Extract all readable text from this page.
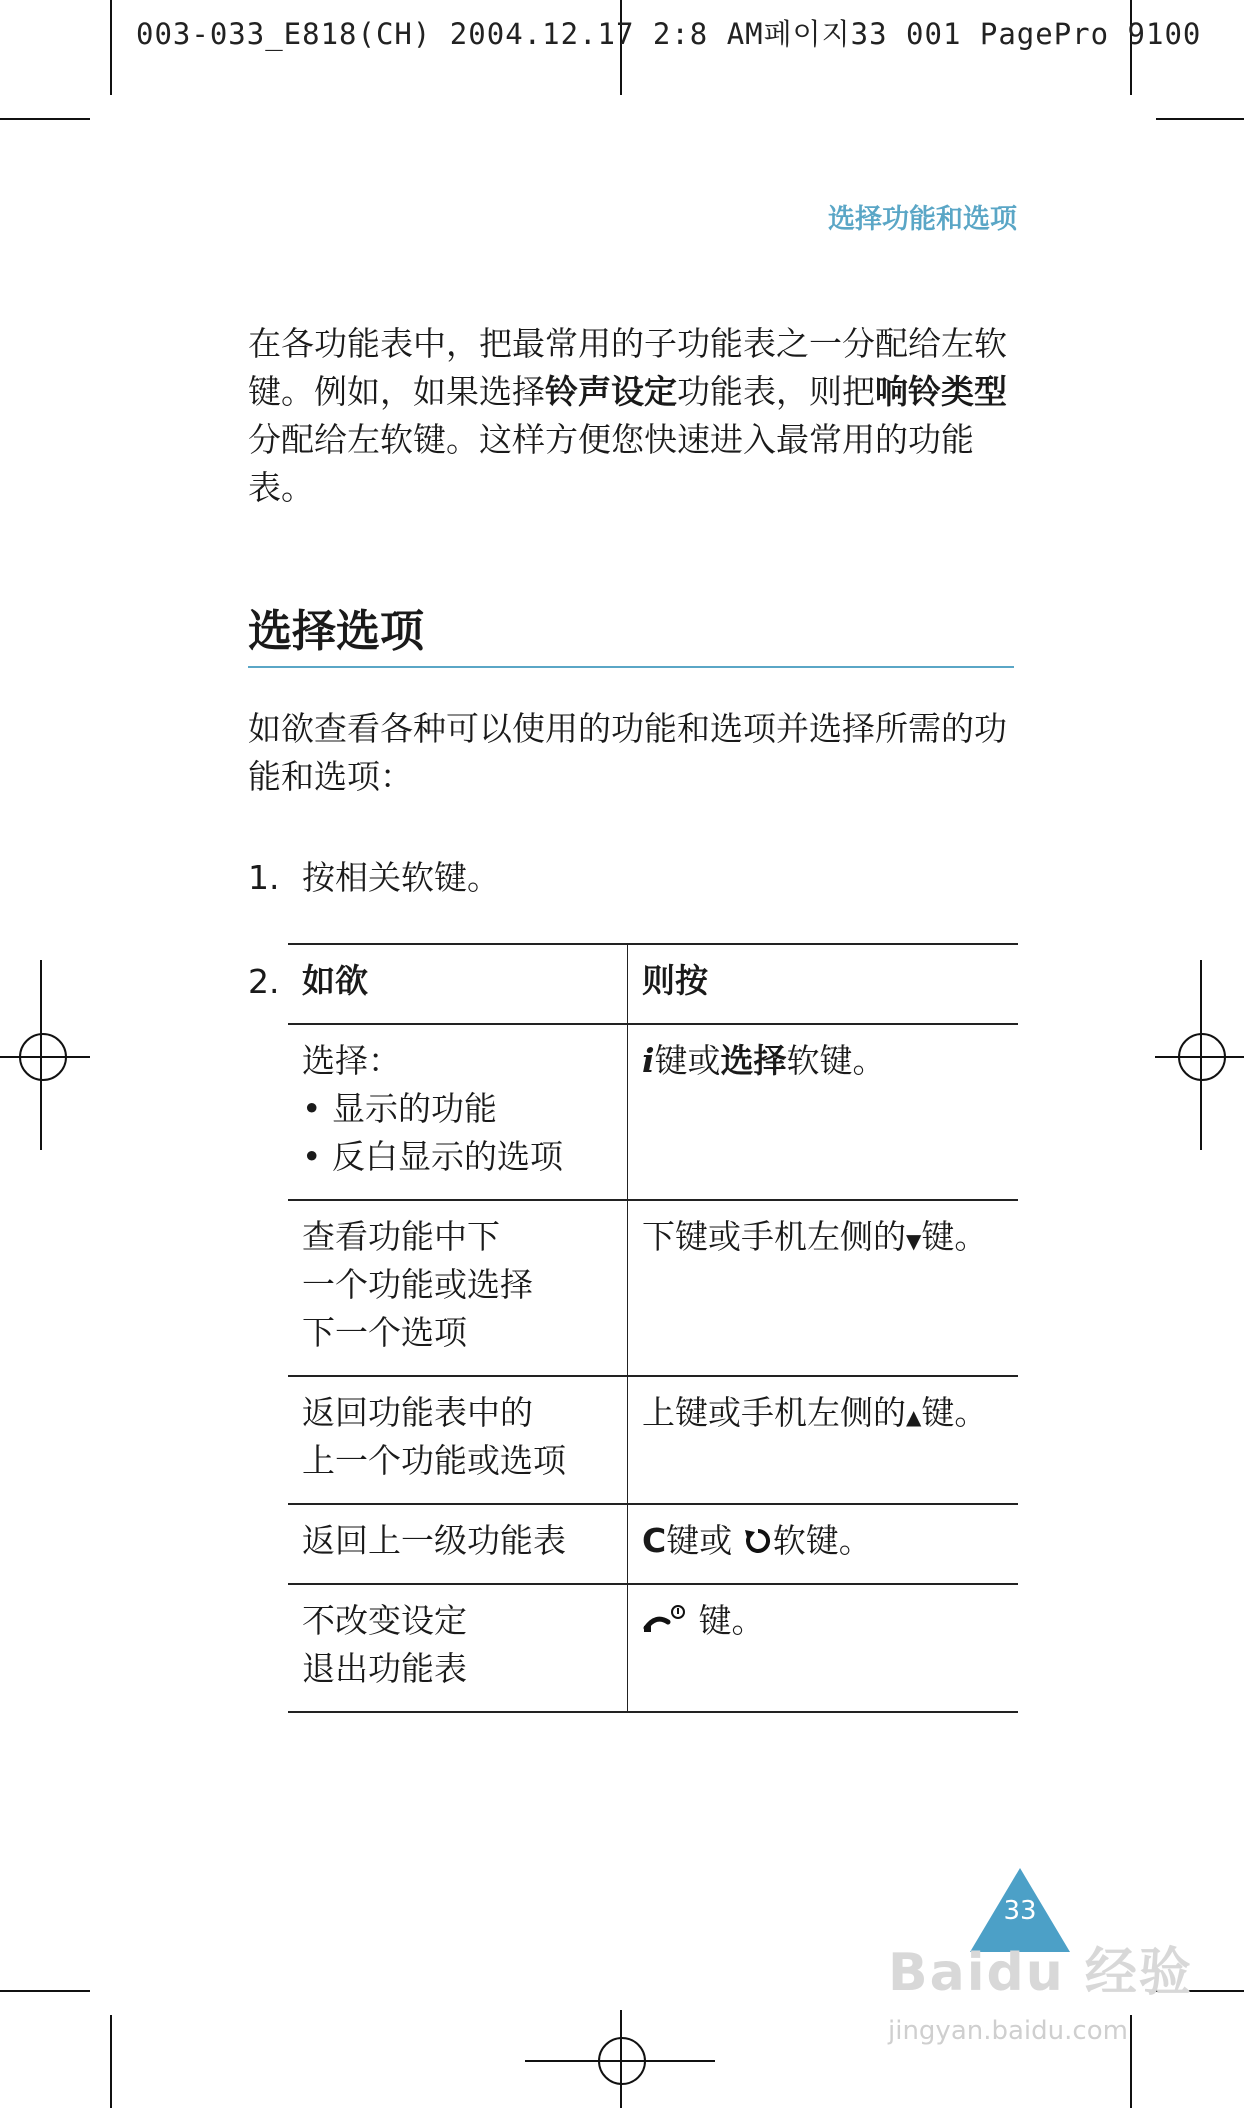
003-033_E818(CH) 2004.12.17 2:8 AM페이지33 001 PagePro 9100
选择功能和选项
在各功能表中，把最常用的子功能表之一分配给左软键。例如，如果选择铃声设定功能表，则把响铃类型分配给左软键。这样方便您快速进入最常用的功能表。
选择选项
如欲查看各种可以使用的功能和选项并选择所需的功能和选项：
1. 按相关软键。
2. 如欲	则按

选择：
• 显示的功能
• 反白显示的选项	i键或选择软键。

查看功能中下
一个功能或选择
下一个选项	下键或手机左侧的▼键。

返回功能表中的
上一个功能或选项	上键或手机左侧的▲键。
返回上一级功能表	C键或 软键。

不改变设定
退出功能表	键。
33
Baidu 经验
jingyan.baidu.com
